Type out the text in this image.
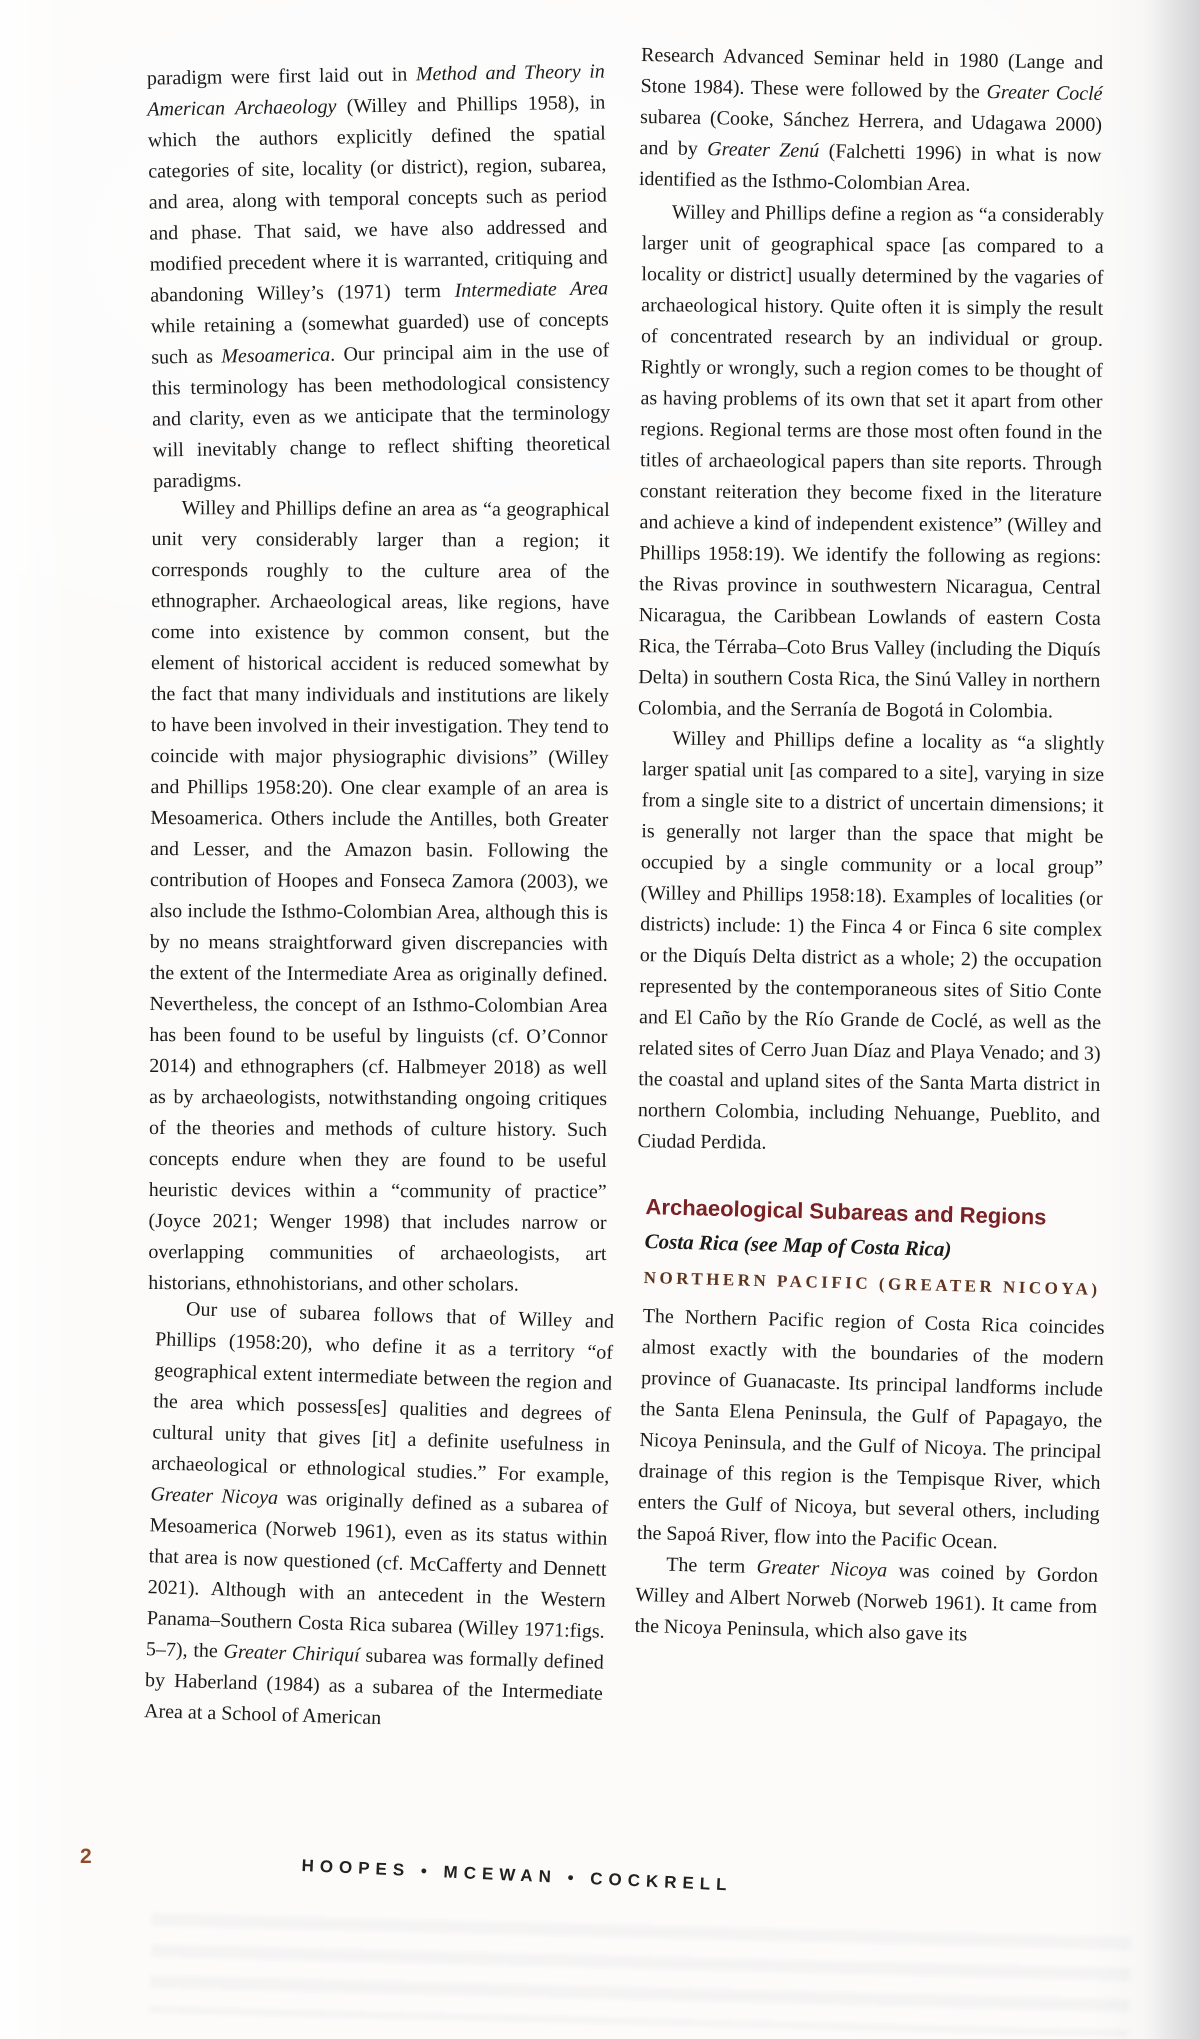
paradigm were first laid out in Method and Theory in American Archaeology (Willey and Phillips 1958), in which the authors explicitly defined the spatial categories of site, locality (or district), region, subarea, and area, along with temporal concepts such as period and phase. That said, we have also addressed and modified precedent where it is warranted, critiquing and abandoning Willey’s (1971) term Intermediate Area while retaining a (somewhat guarded) use of concepts such as Mesoamerica. Our principal aim in the use of this terminology has been methodological consistency and clarity, even as we anticipate that the terminology will inevitably change to reflect shifting theoretical paradigms.

Willey and Phillips define an area as “a geographical unit very considerably larger than a region; it corresponds roughly to the culture area of the ethnographer. Archaeological areas, like regions, have come into existence by common consent, but the element of historical accident is reduced somewhat by the fact that many individuals and institutions are likely to have been involved in their investigation. They tend to coincide with major physiographic divisions” (Willey and Phillips 1958:20). One clear example of an area is Mesoamerica. Others include the Antilles, both Greater and Lesser, and the Amazon basin. Following the contribution of Hoopes and Fonseca Zamora (2003), we also include the Isthmo-Colombian Area, although this is by no means straightforward given discrepancies with the extent of the Intermediate Area as originally defined. Nevertheless, the concept of an Isthmo-Colombian Area has been found to be useful by linguists (cf. O’Connor 2014) and ethnographers (cf. Halbmeyer 2018) as well as by archaeologists, notwithstanding ongoing critiques of the theories and methods of culture history. Such concepts endure when they are found to be useful heuristic devices within a “community of practice” (Joyce 2021; Wenger 1998) that includes narrow or overlapping communities of archaeologists, art historians, ethnohistorians, and other scholars.

Our use of subarea follows that of Willey and Phillips (1958:20), who define it as a territory “of geographical extent intermediate between the region and the area which possess[es] qualities and degrees of cultural unity that gives [it] a definite usefulness in archaeological or ethnological studies.” For example, Greater Nicoya was originally defined as a subarea of Mesoamerica (Norweb 1961), even as its status within that area is now questioned (cf. McCafferty and Dennett 2021). Although with an antecedent in the Western Panama–Southern Costa Rica subarea (Willey 1971:figs. 5–7), the Greater Chiriquí subarea was formally defined by Haberland (1984) as a subarea of the Intermediate Area at a School of American

Research Advanced Seminar held in 1980 (Lange and Stone 1984). These were followed by the Greater Coclé subarea (Cooke, Sánchez Herrera, and Udagawa 2000) and by Greater Zenú (Falchetti 1996) in what is now identified as the Isthmo-Colombian Area.

Willey and Phillips define a region as “a considerably larger unit of geographical space [as compared to a locality or district] usually determined by the vagaries of archaeological history. Quite often it is simply the result of concentrated research by an individual or group. Rightly or wrongly, such a region comes to be thought of as having problems of its own that set it apart from other regions. Regional terms are those most often found in the titles of archaeological papers than site reports. Through constant reiteration they become fixed in the literature and achieve a kind of independent existence” (Willey and Phillips 1958:19). We identify the following as regions: the Rivas province in southwestern Nicaragua, Central Nicaragua, the Caribbean Lowlands of eastern Costa Rica, the Térraba–Coto Brus Valley (including the Diquís Delta) in southern Costa Rica, the Sinú Valley in northern Colombia, and the Serranía de Bogotá in Colombia.

Willey and Phillips define a locality as “a slightly larger spatial unit [as compared to a site], varying in size from a single site to a district of uncertain dimensions; it is generally not larger than the space that might be occupied by a single community or a local group” (Willey and Phillips 1958:18). Examples of localities (or districts) include: 1) the Finca 4 or Finca 6 site complex or the Diquís Delta district as a whole; 2) the occupation represented by the contemporaneous sites of Sitio Conte and El Caño by the Río Grande de Coclé, as well as the related sites of Cerro Juan Díaz and Playa Venado; and 3) the coastal and upland sites of the Santa Marta district in northern Colombia, including Nehuange, Pueblito, and Ciudad Perdida.

Archaeological Subareas and Regions
Costa Rica (see Map of Costa Rica)
NORTHERN PACIFIC (GREATER NICOYA)

The Northern Pacific region of Costa Rica coincides almost exactly with the boundaries of the modern province of Guanacaste. Its principal landforms include the Santa Elena Peninsula, the Gulf of Papagayo, the Nicoya Peninsula, and the Gulf of Nicoya. The principal drainage of this region is the Tempisque River, which enters the Gulf of Nicoya, but several others, including the Sapoá River, flow into the Pacific Ocean.

The term Greater Nicoya was coined by Gordon Willey and Albert Norweb (Norweb 1961). It came from the Nicoya Peninsula, which also gave its

2	HOOPES • MCEWAN • COCKRELL
